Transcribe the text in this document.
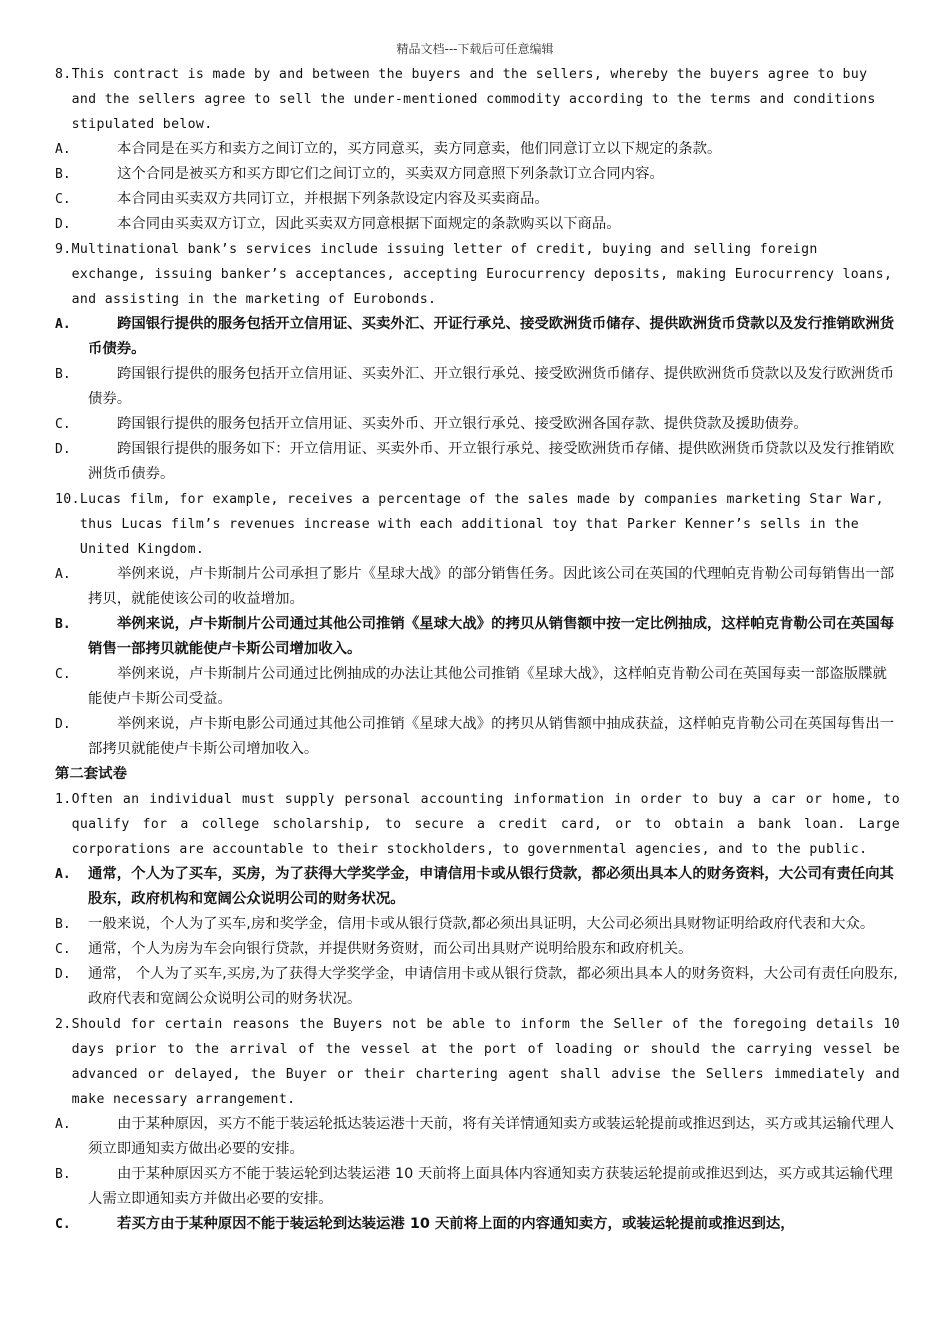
精品文档---下载后可任意编辑
8. This contract is made by and between the buyers and the sellers, whereby the buyers agree to buy and the sellers agree to sell the under-mentioned commodity according to the terms and conditions stipulated below.
A.	本合同是在买方和卖方之间订立的，买方同意买，卖方同意卖，他们同意订立以下规定的条款。
B.	这个合同是被买方和买方即它们之间订立的，买卖双方同意照下列条款订立合同内容。
C.	本合同由买卖双方共同订立，并根据下列条款设定内容及买卖商品。
D.	本合同由买卖双方订立，因此买卖双方同意根据下面规定的条款购买以下商品。
9. Multinational bank’s services include issuing letter of credit, buying and selling foreign exchange, issuing banker’s acceptances, accepting Eurocurrency deposits, making Eurocurrency loans, and assisting in the marketing of Eurobonds.
A.	跨国银行提供的服务包括开立信用证、买卖外汇、开证行承兑、接受欧洲货币储存、提供欧洲货币贷款以及发行推销欧洲货币债券。
B.	跨国银行提供的服务包括开立信用证、买卖外汇、开立银行承兑、接受欧洲货币储存、提供欧洲货币贷款以及发行欧洲货币债券。
C.	跨国银行提供的服务包括开立信用证、买卖外币、开立银行承兑、接受欧洲各国存款、提供贷款及援助债券。
D.	跨国银行提供的服务如下：开立信用证、买卖外币、开立银行承兑、接受欧洲货币存储、提供欧洲货币贷款以及发行推销欧洲货币债券。
10. Lucas film, for example, receives a percentage of the sales made by companies marketing Star War, thus Lucas film’s revenues increase with each additional toy that Parker Kenner’s sells in the United Kingdom.
A.	举例来说，卢卡斯制片公司承担了影片《星球大战》的部分销售任务。因此该公司在英国的代理帕克肯勒公司每销售出一部拷贝，就能使该公司的收益增加。
B.	举例来说，卢卡斯制片公司通过其他公司推销《星球大战》的拷贝从销售额中按一定比例抽成，这样帕克肯勒公司在英国每销售一部拷贝就能使卢卡斯公司增加收入。
C.	举例来说，卢卡斯制片公司通过比例抽成的办法让其他公司推销《星球大战》，这样帕克肯勒公司在英国每卖一部盗版牒就能使卢卡斯公司受益。
D.	举例来说，卢卡斯电影公司通过其他公司推销《星球大战》的拷贝从销售额中抽成获益，这样帕克肯勒公司在英国每售出一部拷贝就能使卢卡斯公司增加收入。
第二套试卷
1. Often an individual must supply personal accounting information in order to buy a car or home, to qualify for a college scholarship, to secure a credit card, or to obtain a bank loan. Large corporations are accountable to their stockholders, to governmental agencies, and to the public.
A.	通常，个人为了买车，买房，为了获得大学奖学金，申请信用卡或从银行贷款，都必须出具本人的财务资料，大公司有责任向其股东，政府机构和宽阔公众说明公司的财务状况。
B.	一般来说，个人为了买车,房和奖学金，信用卡或从银行贷款,都必须出具证明，大公司必须出具财物证明给政府代表和大众。
C.	通常，个人为房为车会向银行贷款，并提供财务资财，而公司出具财产说明给股东和政府机关。
D.	通常， 个人为了买车,买房,为了获得大学奖学金，申请信用卡或从银行贷款，都必须出具本人的财务资料，大公司有责任向股东,政府代表和宽阔公众说明公司的财务状况。
2. Should for certain reasons the Buyers not be able to inform the Seller of the foregoing details 10 days prior to the arrival of the vessel at the port of loading or should the carrying vessel be advanced or delayed, the Buyer or their chartering agent shall advise the Sellers immediately and make necessary arrangement.
A.	由于某种原因，买方不能于装运轮抵达装运港十天前，将有关详情通知卖方或装运轮提前或推迟到达，买方或其运输代理人须立即通知卖方做出必要的安排。
B.	由于某种原因买方不能于装运轮到达装运港 10 天前将上面具体内容通知卖方获装运轮提前或推迟到达，买方或其运输代理人需立即通知卖方并做出必要的安排。
C.	若买方由于某种原因不能于装运轮到达装运港 10 天前将上面的内容通知卖方，或装运轮提前或推迟到达，
